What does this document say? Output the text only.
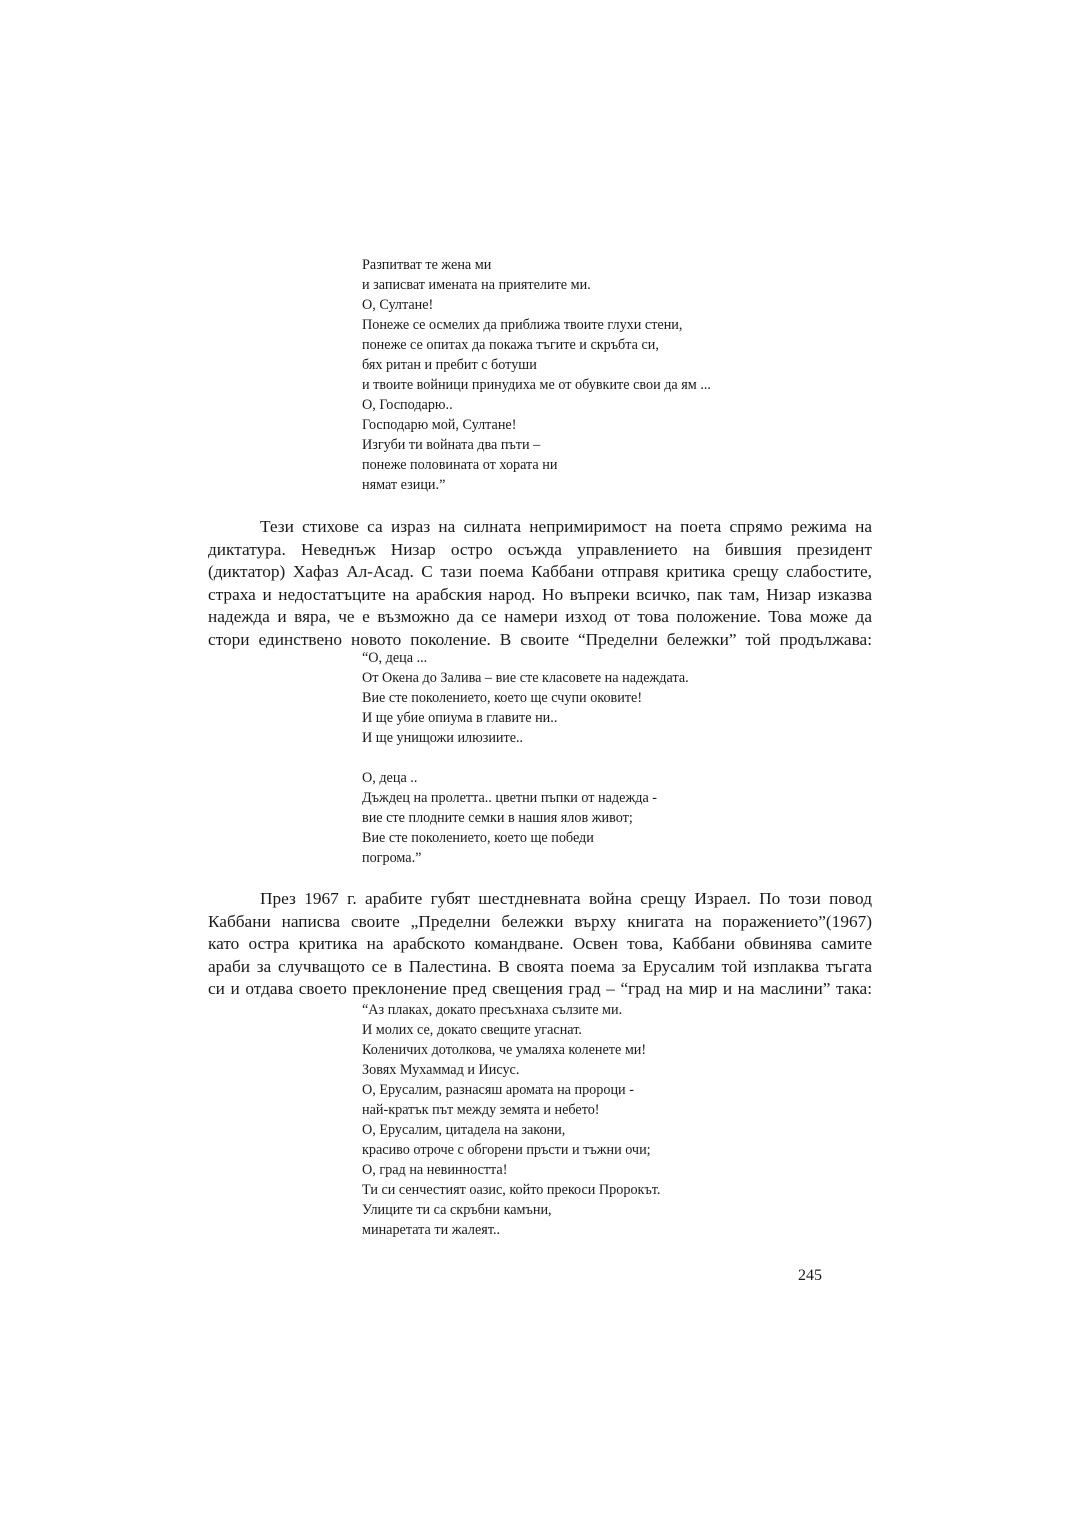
Разпитват те жена ми
и записват имената на приятелите ми.
О, Султане!
Понеже се осмелих да приближа твоите глухи стени,
понеже се опитах да покажа тъгите и скръбта си,
бях ритан и пребит с ботуши
и твоите войници принудиха ме от обувките свои да ям ...
О, Господарю..
Господарю мой, Султане!
Изгуби ти войната два пъти –
понеже половината от хората ни
нямат езици.”
Тези стихове са израз на силната непримиримост на поета спрямо режима на
диктатура. Неведнъж Низар остро осъжда управлението на бившия президент
(диктатор) Хафаз Ал-Асад. С тази поема Каббани отправя критика срещу слабостите,
страха и недостатъците на арабския народ. Но въпреки всичко, пак там, Низар изказва
надежда и вяра, че е възможно да се намери изход от това положение. Това може да
стори единствено новото поколение. В своите “Пределни бележки” той продължава:
“О, деца ...
От Окена до Залива – вие сте класовете на надеждата.
Вие сте поколението, което ще счупи оковите!
И ще убие опиума в главите ни..
И ще унищожи илюзиите..
О, деца ..
Дъждец на пролетта.. цветни пъпки от надежда -
вие сте плодните семки в нашия ялов живот;
Вие сте поколението, което ще победи
погрома.”
През 1967 г. арабите губят шестдневната война срещу Израел. По този повод
Каббани написва своите „Пределни бележки върху книгата на поражението”(1967)
като остра критика на арабското командване. Освен това, Каббани обвинява самите
араби за случващото се в Палестина. В своята поема за Ерусалим той изплаква тъгата
си и отдава своето преклонение пред свещения град – “град на мир и на маслини” така:
“Аз плаках, докато пресъхнаха сълзите ми.
И молих се, докато свещите угаснат.
Коленичих дотолкова, че умаляха коленете ми!
Зовях Мухаммад и Иисус.
О, Ерусалим, разнасяш аромата на пророци -
най-кратък път между земята и небето!
О, Ерусалим, цитадела на закони,
красиво отроче с обгорени пръсти и тъжни очи;
О, град на невинността!
Ти си сенчестият оазис, който прекоси Пророкът.
Улиците ти са скръбни камъни,
минаретата ти жалеят..
245
